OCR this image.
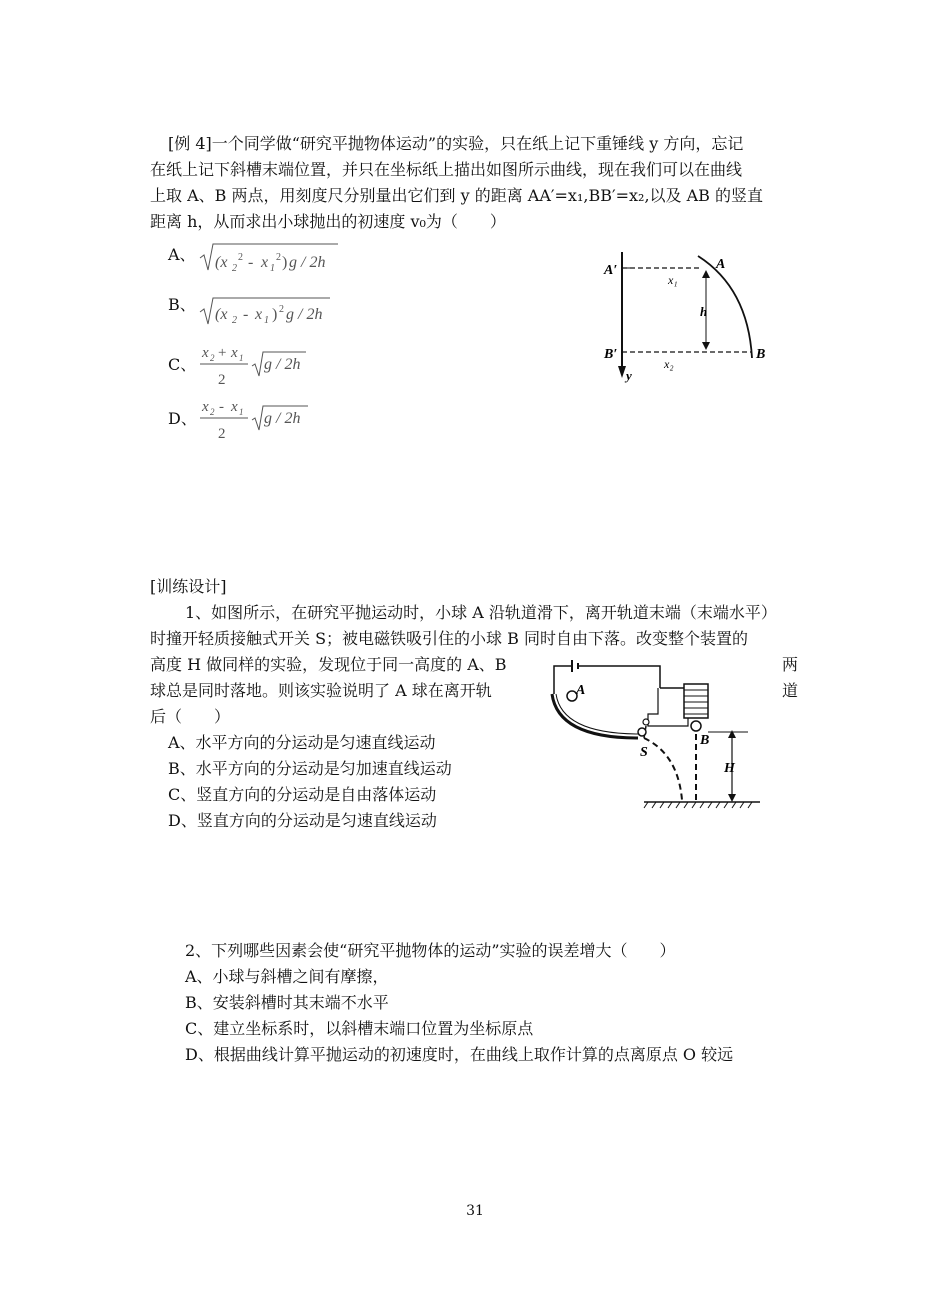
[例 4]一个同学做“研究平抛物体运动”的实验，只在纸上记下重锤线 y 方向，忘记
在纸上记下斜槽末端位置，并只在坐标纸上描出如图所示曲线，现在我们可以在曲线
上取 A、B 两点，用刻度尺分别量出它们到 y 的距离 AA′=x₁,BB′=x₂,以及 AB 的竖直
距离 h，从而求出小球抛出的初速度 v₀为（　　）
A、 (x 2
2 - x 1
2 ) g / 2h
B、
(x 2 - x 1 ) 2 g / 2h
C、
x 2 + x 1
2
g / 2h
D、
x 2 - x 1
2
g / 2h
A′	A
x₁
h
B′	B
x₂
y
[训练设计]
1、如图所示，在研究平抛运动时，小球 A 沿轨道滑下，离开轨道末端（末端水平）
时撞开轻质接触式开关 S；被电磁铁吸引住的小球 B 同时自由下落。改变整个装置的
高度 H 做同样的实验，发现位于同一高度的 A、B	两
球总是同时落地。则该实验说明了 A 球在离开轨	道
后（　　）
A、水平方向的分运动是匀速直线运动
B、水平方向的分运动是匀加速直线运动
C、竖直方向的分运动是自由落体运动
D、竖直方向的分运动是匀速直线运动
A
S
B
H
2、下列哪些因素会使“研究平抛物体的运动”实验的误差增大（　　）
A、小球与斜槽之间有摩擦，
B、安装斜槽时其末端不水平
C、建立坐标系时，以斜槽末端口位置为坐标原点
D、根据曲线计算平抛运动的初速度时，在曲线上取作计算的点离原点 O 较远
31
